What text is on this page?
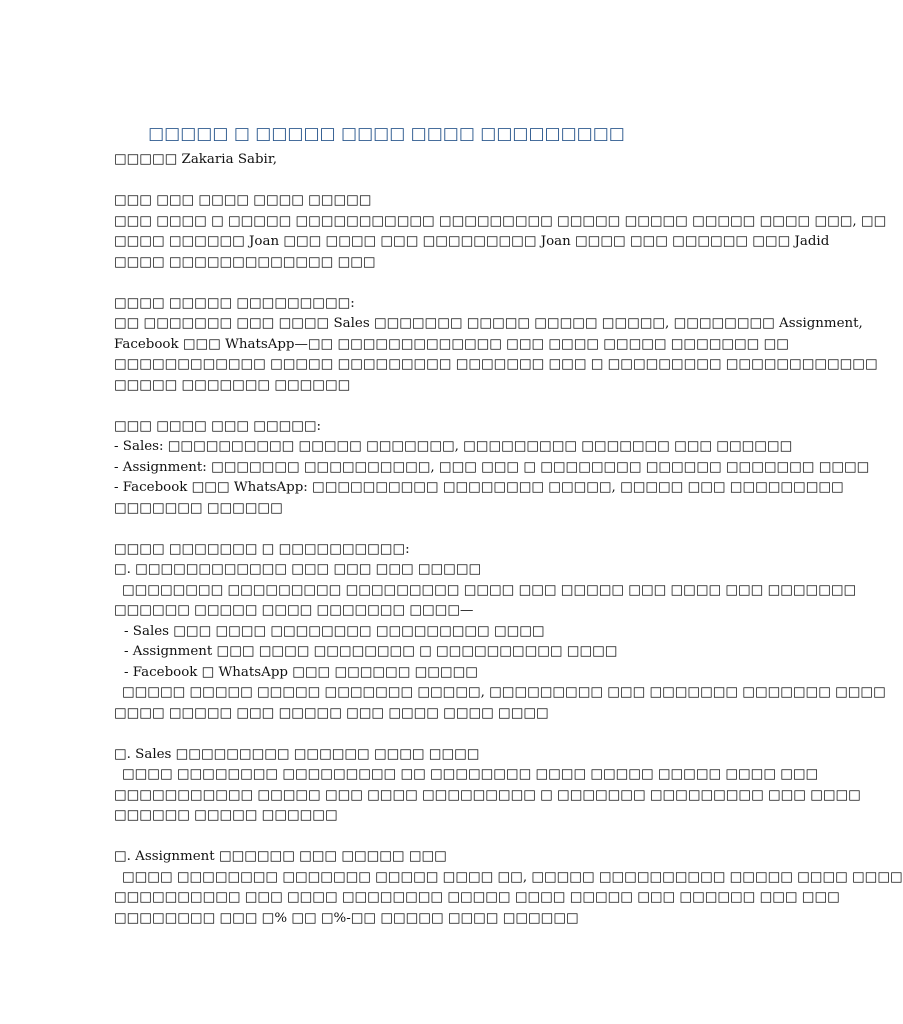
□□□□□ □ □□□□□ □□□□ □□□□ □□□□□□□□□
□□□□□ Zakaria Sabir,
□□□ □□□ □□□□ □□□□ □□□□□
□□□ □□□□ □ □□□□□ □□□□□□□□□□□ □□□□□□□□□ □□□□□ □□□□□ □□□□□ □□□□ □□□, □□
□□□□ □□□□□□ Joan □□□ □□□□ □□□ □□□□□□□□□ Joan □□□□ □□□ □□□□□□ □□□ Jadid
□□□□ □□□□□□□□□□□□□ □□□
□□□□ □□□□□ □□□□□□□□□:
□□ □□□□□□□ □□□ □□□□ Sales □□□□□□□ □□□□□ □□□□□ □□□□□, □□□□□□□□ Assignment,
Facebook □□□ WhatsApp—□□ □□□□□□□□□□□□□ □□□ □□□□ □□□□□ □□□□□□□ □□
□□□□□□□□□□□□ □□□□□ □□□□□□□□□ □□□□□□□ □□□ □ □□□□□□□□□ □□□□□□□□□□□□
□□□□□ □□□□□□□ □□□□□□
□□□ □□□□ □□□ □□□□□:
- Sales: □□□□□□□□□□ □□□□□ □□□□□□□, □□□□□□□□□ □□□□□□□ □□□ □□□□□□
- Assignment: □□□□□□□ □□□□□□□□□□, □□□ □□□ □ □□□□□□□□ □□□□□□ □□□□□□□ □□□□
- Facebook □□□ WhatsApp: □□□□□□□□□□ □□□□□□□□ □□□□□, □□□□□ □□□ □□□□□□□□□
□□□□□□□ □□□□□□
□□□□ □□□□□□□ □ □□□□□□□□□□:
□. □□□□□□□□□□□□ □□□ □□□ □□□ □□□□□
□□□□□□□□ □□□□□□□□□ □□□□□□□□□ □□□□ □□□ □□□□□ □□□ □□□□ □□□ □□□□□□□
□□□□□□ □□□□□ □□□□ □□□□□□□ □□□□—
- Sales □□□ □□□□ □□□□□□□□ □□□□□□□□□ □□□□
- Assignment □□□ □□□□ □□□□□□□□ □ □□□□□□□□□□ □□□□
- Facebook □ WhatsApp □□□ □□□□□□ □□□□□
□□□□□ □□□□□ □□□□□ □□□□□□□ □□□□□, □□□□□□□□□ □□□ □□□□□□□ □□□□□□□ □□□□
□□□□ □□□□□ □□□ □□□□□ □□□ □□□□ □□□□ □□□□
□. Sales □□□□□□□□□ □□□□□□ □□□□ □□□□
□□□□ □□□□□□□□ □□□□□□□□□ □□ □□□□□□□□ □□□□ □□□□□ □□□□□ □□□□ □□□
□□□□□□□□□□□ □□□□□ □□□ □□□□ □□□□□□□□□ □ □□□□□□□ □□□□□□□□□ □□□ □□□□
□□□□□□ □□□□□ □□□□□□
□. Assignment □□□□□□ □□□ □□□□□ □□□
□□□□ □□□□□□□□ □□□□□□□ □□□□□ □□□□ □□, □□□□□ □□□□□□□□□□ □□□□□ □□□□ □□□□
□□□□□□□□□□ □□□ □□□□ □□□□□□□□ □□□□□ □□□□ □□□□□ □□□ □□□□□□ □□□ □□□
□□□□□□□□ □□□ □% □□ □%-□□ □□□□□ □□□□ □□□□□□
